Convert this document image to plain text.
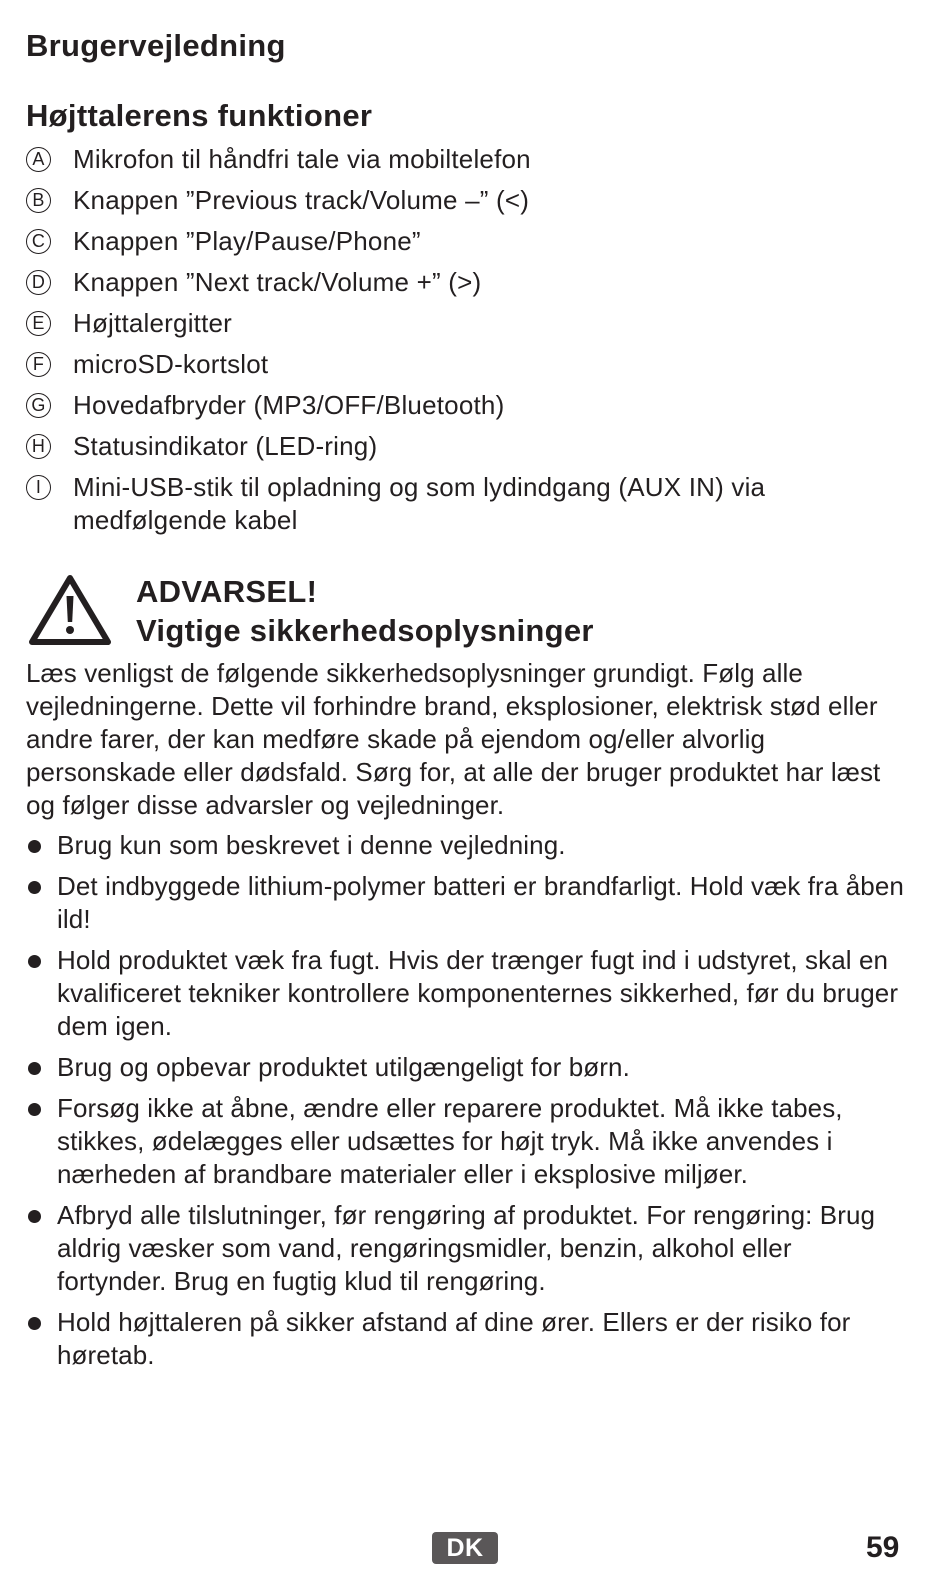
Brugervejledning
Højttalerens funktioner
A Mikrofon til håndfri tale via mobiltelefon
B Knappen ”Previous track/Volume –” (<)
C Knappen ”Play/Pause/Phone”
D Knappen ”Next track/Volume +” (>)
E Højttalergitter
F microSD-kortslot
G Hovedafbryder (MP3/OFF/Bluetooth)
H Statusindikator (LED-ring)
I	Mini-USB-stik til opladning og som lydindgang (AUX IN) via medfølgende kabel
ADVARSEL!
Vigtige sikkerhedsoplysninger

Læs venligst de følgende sikkerhedsoplysninger grundigt. Følg alle vejledningerne. Dette vil forhindre brand, eksplosioner, elektrisk stød eller andre farer, der kan medføre skade på ejendom og/eller alvorlig personskade eller dødsfald. Sørg for, at alle der bruger produktet har læst og følger disse advarsler og vejledninger.

Brug kun som beskrevet i denne vejledning.
Det indbyggede lithium-polymer batteri er brandfarligt. Hold væk fra åben ild!
Hold produktet væk fra fugt. Hvis der trænger fugt ind i udstyret, skal en kvalificeret tekniker kontrollere komponenternes sikkerhed, før du bruger dem igen.
Brug og opbevar produktet utilgængeligt for børn.
Forsøg ikke at åbne, ændre eller reparere produktet. Må ikke tabes, stikkes, ødelægges eller udsættes for højt tryk. Må ikke anvendes i nærheden af brandbare materialer eller i eksplosive miljøer.
Afbryd alle tilslutninger, før rengøring af produktet. For rengøring: Brug aldrig væsker som vand, rengøringsmidler, benzin, alkohol eller fortynder. Brug en fugtig klud til rengøring.
Hold højttaleren på sikker afstand af dine ører. Ellers er der risiko for høretab.
DK	59
